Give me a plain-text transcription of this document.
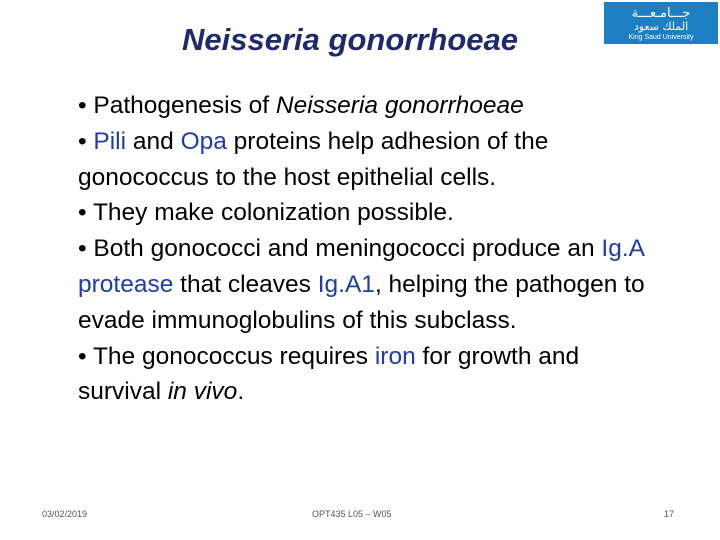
Neisseria gonorrhoeae
جـــامـعـــة
الملك سعود
King Saud University

• Pathogenesis of Neisseria gonorrhoeae

• Pili and Opa proteins help adhesion of the gonococcus to the host epithelial cells.

• They make colonization possible.

• Both gonococci and meningococci produce an Ig.A protease that cleaves Ig.A1, helping the pathogen to evade immunoglobulins of this subclass.

• The gonococcus requires iron for growth and survival in vivo.

03/02/2019	OPT435 L05 – W05	17
